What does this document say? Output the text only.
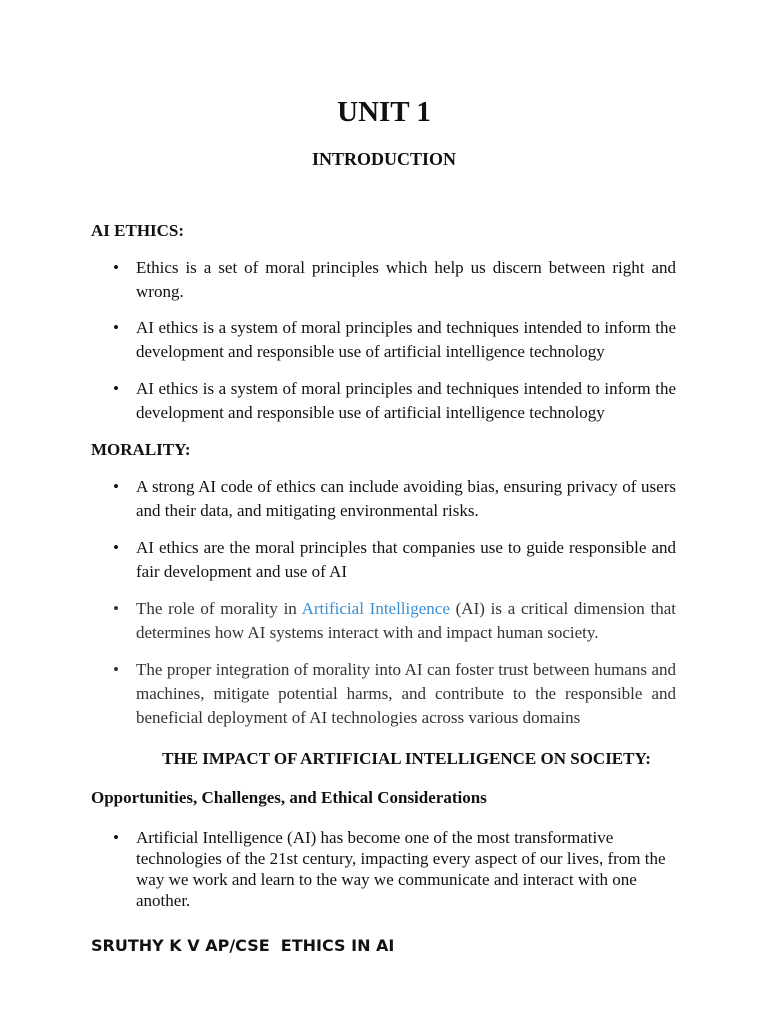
UNIT 1
INTRODUCTION
AI ETHICS:
• Ethics is a set of moral principles which help us discern between right and wrong.
• AI ethics is a system of moral principles and techniques intended to inform the development and responsible use of artificial intelligence technology
• AI ethics is a system of moral principles and techniques intended to inform the development and responsible use of artificial intelligence technology
MORALITY:
• A strong AI code of ethics can include avoiding bias, ensuring privacy of users and their data, and mitigating environmental risks.
• AI ethics are the moral principles that companies use to guide responsible and fair development and use of AI
• The role of morality in Artificial Intelligence (AI) is a critical dimension that determines how AI systems interact with and impact human society.
• The proper integration of morality into AI can foster trust between humans and machines, mitigate potential harms, and contribute to the responsible and beneficial deployment of AI technologies across various domains
THE IMPACT OF ARTIFICIAL INTELLIGENCE ON SOCIETY:
Opportunities, Challenges, and Ethical Considerations
• Artificial Intelligence (AI) has become one of the most transformative technologies of the 21st century, impacting every aspect of our lives, from the way we work and learn to the way we communicate and interact with one another.
SRUTHY K V AP/CSE  ETHICS IN AI
